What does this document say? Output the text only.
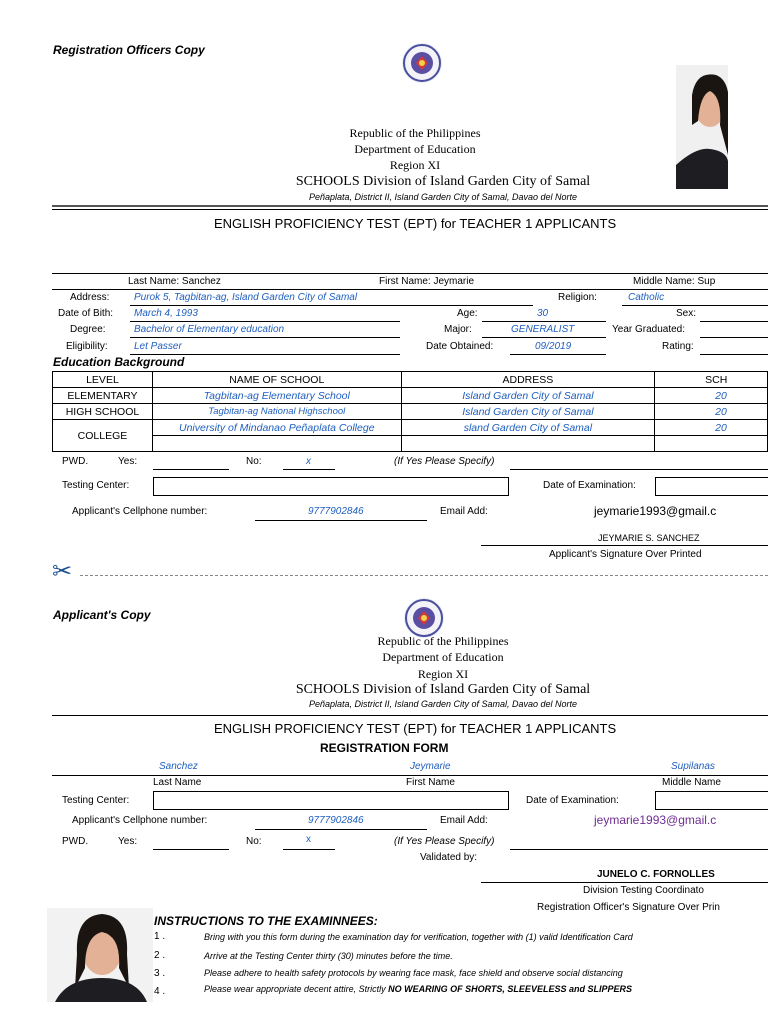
Registration Officers Copy
Republic of the Philippines
Department of Education
Region XI
SCHOOLS Division of Island Garden City of Samal
Peñaplata, District II, Island Garden City of Samal, Davao del Norte
ENGLISH PROFICIENCY TEST (EPT) for TEACHER 1 APPLICANTS
Last Name: Sanchez	First Name: Jeymarie	Middle Name: Sup
Address: Purok 5, Tagbitan-ag, Island Garden City of Samal	Religion:	Catholic
Date of Bith: March 4, 1993	Age:	30	Sex:
Degree:	Bachelor of Elementary education	Major:	GENERALIST	Year Graduated:
Eligibility:	Let Passer	Date Obtained:	09/2019	Rating:
Education Background
LEVEL	NAME OF SCHOOL	ADDRESS	SCH
ELEMENTARY	Tagbitan-ag Elementary School	Island Garden City of Samal	20
HIGH SCHOOL	Tagbitan-ag National Highschool	Island Garden City of Samal	20
COLLEGE	University of Mindanao Peñaplata College	sland Garden City of Samal	20

PWD.	Yes:	No:	x	(If Yes Please Specify)
Testing Center:	Date of Examination:
Applicant's Cellphone number:	9777902846	Email Add:	jeymarie1993@gmail.c
JEYMARIE S. SANCHEZ
Applicant's Signature Over Printed
✂
Applicant's Copy
Republic of the Philippines
Department of Education
Region XI
SCHOOLS Division of Island Garden City of Samal
Peñaplata, District II, Island Garden City of Samal, Davao del Norte
ENGLISH PROFICIENCY TEST (EPT) for TEACHER 1 APPLICANTS
REGISTRATION FORM
Sanchez	Jeymarie	Supilanas
Last Name	First Name	Middle Name
Testing Center:	Date of Examination:
Applicant's Cellphone number:	9777902846	Email Add:	jeymarie1993@gmail.c
PWD.	Yes:	No:	x	(If Yes Please Specify)
Validated by:
JUNELO C. FORNOLLES
Division Testing Coordinato
Registration Officer's Signature Over Prin
INSTRUCTIONS TO THE EXAMINNEES:
1 .	Bring with you this form during the examination day for verification, together with (1) valid Identification Card
2 .	Arrive at the Testing Center thirty (30) minutes before the time.
3 .	Please adhere to health safety protocols by wearing face mask, face shield and observe social distancing
4 .	Please wear appropriate decent attire, Strictly NO WEARING OF SHORTS, SLEEVELESS and SLIPPERS
